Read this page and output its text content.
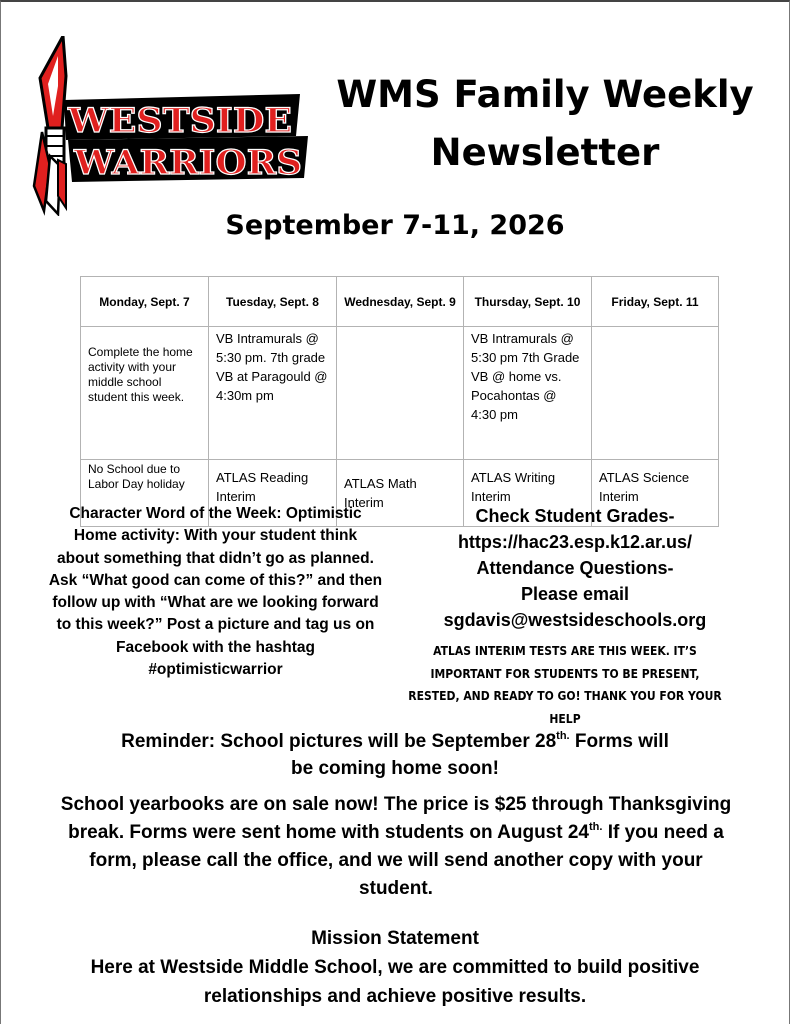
WESTSIDE
WARRIORS
WMS Family Weekly
Newsletter
September 7-11, 2026
Monday, Sept. 7	Tuesday, Sept. 8	Wednesday, Sept. 9	Thursday, Sept. 10	Friday, Sept. 11
Complete the home activity with your middle school student this week.	VB Intramurals @ 5:30 pm. 7th grade VB at Paragould @ 4:30m pm		VB Intramurals @ 5:30 pm 7th Grade VB @ home vs. Pocahontas @ 4:30 pm	
No School due to Labor Day holiday	ATLAS Reading Interim	ATLAS Math Interim	ATLAS Writing Interim	ATLAS Science Interim
Character Word of the Week: Optimistic
Home activity: With your student think
about something that didn’t go as planned.
Ask “What good can come of this?” and then
follow up with “What are we looking forward
to this week?” Post a picture and tag us on
Facebook with the hashtag
#optimisticwarrior
Check Student Grades-
https://hac23.esp.k12.ar.us/
Attendance Questions-
Please email
sgdavis@westsideschools.org
ATLAS INTERIM TESTS ARE THIS WEEK. IT’S
IMPORTANT FOR STUDENTS TO BE PRESENT,
RESTED, AND READY TO GO! THANK YOU FOR YOUR
HELP
Reminder: School pictures will be September $28^{th.}$ Forms will
be coming home soon!
School yearbooks are on sale now! The price is $25 through Thanksgiving
break. Forms were sent home with students on August $24^{th.}$ If you need a
form, please call the office, and we will send another copy with your
student.
Mission Statement
Here at Westside Middle School, we are committed to build positive
relationships and achieve positive results.
